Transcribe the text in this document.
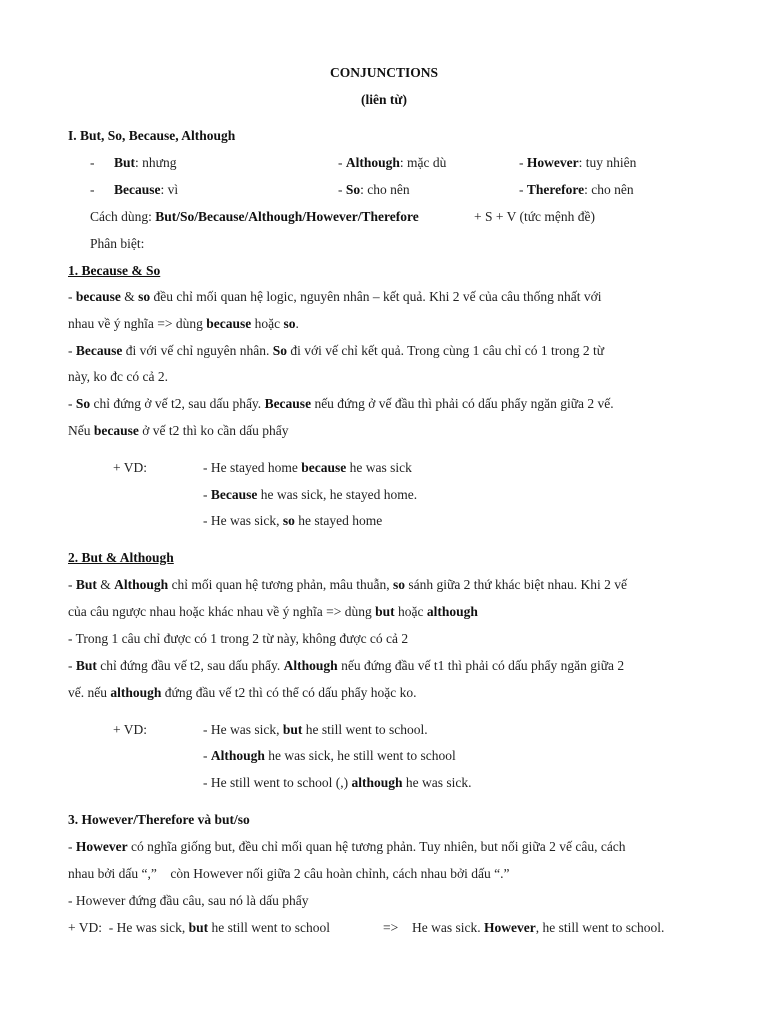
CONJUNCTIONS
(liên từ)
I. But, So, Because, Although
- But: nhưng	- Although: mặc dù	- However: tuy nhiên
- Because: vì	- So: cho nên	- Therefore: cho nên
Cách dùng: But/So/Because/Although/However/Therefore	+ S + V (tức mệnh đề)
Phân biệt:
1. Because & So
- because & so đều chỉ mối quan hệ logic, nguyên nhân – kết quả. Khi 2 vế của câu thống nhất với
nhau về ý nghĩa => dùng because hoặc so.
- Because đi với vế chỉ nguyên nhân. So đi với vế chỉ kết quả. Trong cùng 1 câu chỉ có 1 trong 2 từ
này, ko đc có cả 2.
- So chỉ đứng ở vế t2, sau dấu phẩy. Because nếu đứng ở vế đầu thì phải có dấu phẩy ngăn giữa 2 vế.
Nếu because ở vế t2 thì ko cần dấu phẩy
+ VD:	- He stayed home because he was sick
- Because he was sick, he stayed home.
- He was sick, so he stayed home
2. But & Although
- But & Although chỉ mối quan hệ tương phản, mâu thuẫn, so sánh giữa 2 thứ khác biệt nhau. Khi 2 vế
của câu ngược nhau hoặc khác nhau về ý nghĩa => dùng but hoặc although
- Trong 1 câu chỉ được có 1 trong 2 từ này, không được có cả 2
- But chỉ đứng đầu vế t2, sau dấu phẩy. Although nếu đứng đầu vế t1 thì phải có dấu phẩy ngăn giữa 2
vế. nếu although đứng đầu vế t2 thì có thể có dấu phẩy hoặc ko.
+ VD:	- He was sick, but he still went to school.
- Although he was sick, he still went to school
- He still went to school (,) although he was sick.
3. However/Therefore và but/so
- However có nghĩa giống but, đều chỉ mối quan hệ tương phản. Tuy nhiên, but nối giữa 2 vế câu, cách
nhau bởi dấu “,”    còn However nối giữa 2 câu hoàn chỉnh, cách nhau bởi dấu “.”
- However đứng đầu câu, sau nó là dấu phẩy
+ VD:  - He was sick, but he still went to school	=> He was sick. However, he still went to school.
